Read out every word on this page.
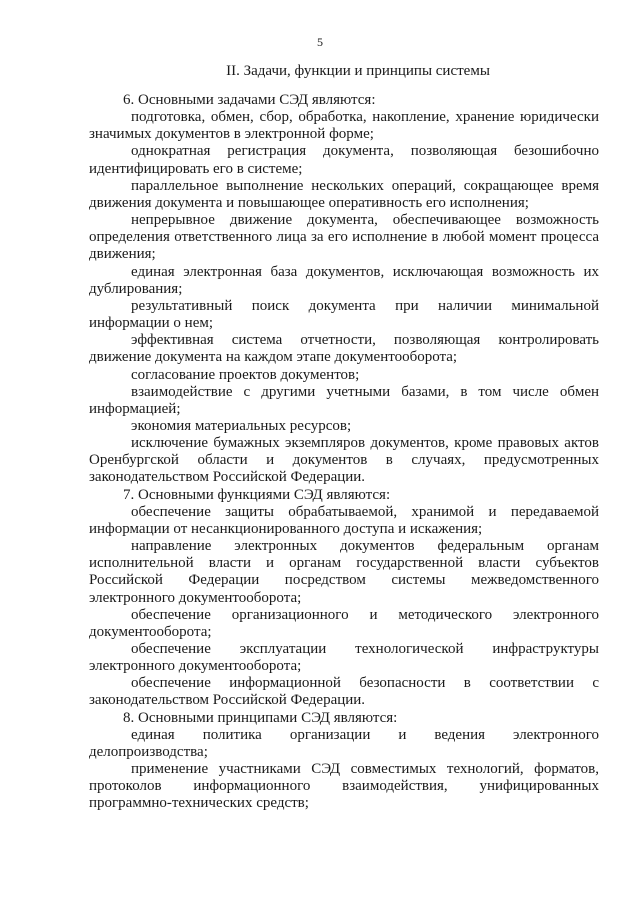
5
II. Задачи, функции и принципы системы

6. Основными задачами СЭД являются:

подготовка, обмен, сбор, обработка, накопление, хранение юридически значимых документов в электронной форме;

однократная регистрация документа, позволяющая безошибочно идентифицировать его в системе;

параллельное выполнение нескольких операций, сокращающее время движения документа и повышающее оперативность его исполнения;

непрерывное движение документа, обеспечивающее возможность определения ответственного лица за его исполнение в любой момент процесса движения;

единая электронная база документов, исключающая возможность их дублирования;

результативный поиск документа при наличии минимальной информации о нем;

эффективная система отчетности, позволяющая контролировать движение документа на каждом этапе документооборота;

согласование проектов документов;

взаимодействие с другими учетными базами, в том числе обмен информацией;

экономия материальных ресурсов;

исключение бумажных экземпляров документов, кроме правовых актов Оренбургской области и документов в случаях, предусмотренных законодательством Российской Федерации.

7. Основными функциями СЭД являются:

обеспечение защиты обрабатываемой, хранимой и передаваемой информации от несанкционированного доступа и искажения;

направление электронных документов федеральным органам исполнительной власти и органам государственной власти субъектов Российской Федерации посредством системы межведомственного электронного документооборота;

обеспечение организационного и методического электронного документооборота;

обеспечение эксплуатации технологической инфраструктуры электронного документооборота;

обеспечение информационной безопасности в соответствии с законодательством Российской Федерации.

8. Основными принципами СЭД являются:

единая политика организации и ведения электронного делопроизводства;

применение участниками СЭД совместимых технологий, форматов, протоколов информационного взаимодействия, унифицированных программно-технических средств;
